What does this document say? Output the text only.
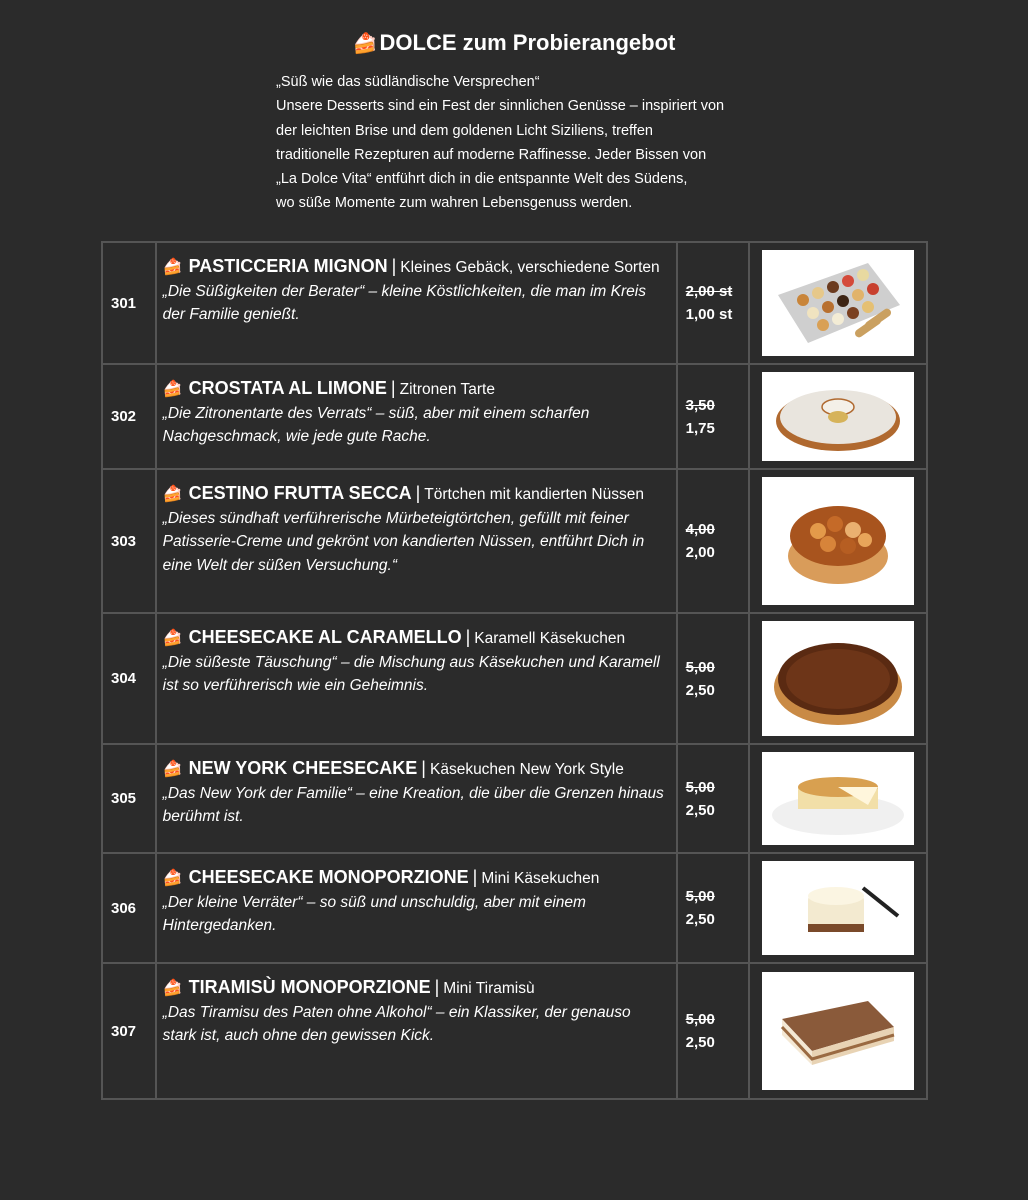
🍰DOLCE zum Probierangebot

„Süß wie das südländische Versprechen“

Unsere Desserts sind ein Fest der sinnlichen Genüsse – inspiriert von

der leichten Brise und dem goldenen Licht Siziliens, treffen

traditionelle Rezepturen auf moderne Raffinesse. Jeder Bissen von

„La Dolce Vita“ entführt dich in die entspannte Welt des Südens,

wo süße Momente zum wahren Lebensgenuss werden.

301	🍰 PASTICCERIA MIGNON | Kleines Gebäck, verschiedene Sorten
„Die Süßigkeiten der Berater“ – kleine Köstlichkeiten, die man im Kreis der Familie genießt.	2,00 st
1,00 st

302	🍰 CROSTATA AL LIMONE | Zitronen Tarte
„Die Zitronentarte des Verrats“ – süß, aber mit einem scharfen Nachgeschmack, wie jede gute Rache.	3,50
1,75

303	🍰 CESTINO FRUTTA SECCA | Törtchen mit kandierten Nüssen
„Dieses sündhaft verführerische Mürbeteigtörtchen, gefüllt mit feiner Patisserie-Creme und gekrönt von kandierten Nüssen, entführt Dich in eine Welt der süßen Versuchung.“	4,00
2,00

304	🍰 CHEESECAKE AL CARAMELLO | Karamell Käsekuchen
„Die süßeste Täuschung“ – die Mischung aus Käsekuchen und Karamell ist so verführerisch wie ein Geheimnis.	5,00
2,50

305	🍰 NEW YORK CHEESECAKE | Käsekuchen New York Style
„Das New York der Familie“ – eine Kreation, die über die Grenzen hinaus berühmt ist.	5,00
2,50

306	🍰 CHEESECAKE MONOPORZIONE | Mini Käsekuchen
„Der kleine Verräter“ – so süß und unschuldig, aber mit einem Hintergedanken.	5,00
2,50

307	🍰 TIRAMISÙ MONOPORZIONE | Mini Tiramisù
„Das Tiramisu des Paten ohne Alkohol“ – ein Klassiker, der genauso stark ist, auch ohne den gewissen Kick.	5,00
2,50
